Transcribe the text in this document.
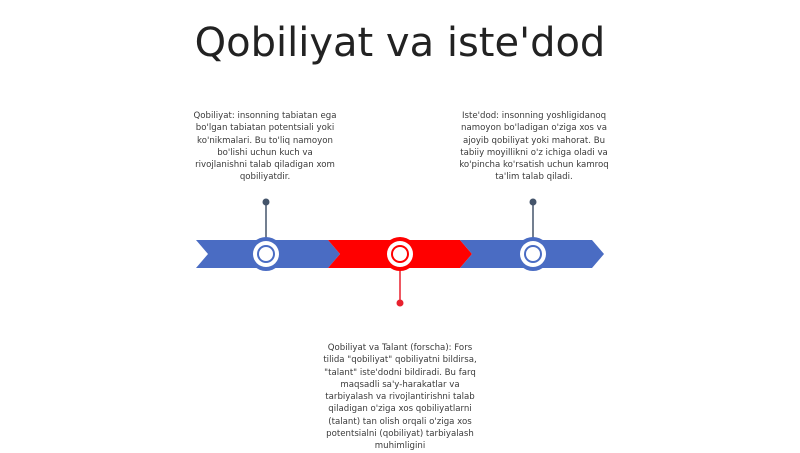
Qobiliyat va iste'dod
Qobiliyat: insonning tabiatan ega bo'lgan tabiatan potentsiali yoki ko'nikmalari. Bu to'liq namoyon bo'lishi uchun kuch va rivojlanishni talab qiladigan xom qobiliyatdir.
Iste'dod: insonning yoshligidanoq namoyon bo'ladigan o'ziga xos va ajoyib qobiliyat yoki mahorat. Bu tabiiy moyillikni o'z ichiga oladi va ko'pincha ko'rsatish uchun kamroq ta'lim talab qiladi.
Qobiliyat va Talant (forscha): Fors tilida "qobiliyat" qobiliyatni bildirsa, "talant" iste'dodni bildiradi. Bu farq maqsadli sa'y-harakatlar va tarbiyalash va rivojlantirishni talab qiladigan o'ziga xos qobiliyatlarni (talant) tan olish orqali o'ziga xos potentsialni (qobiliyat) tarbiyalash muhimligini
